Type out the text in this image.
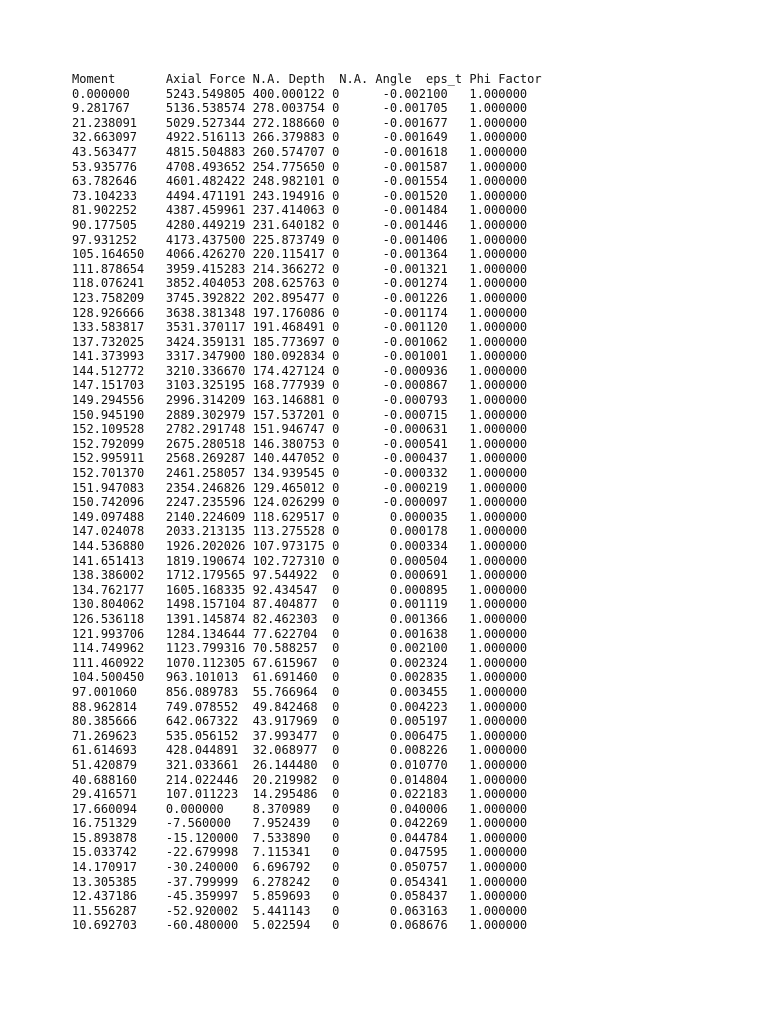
Moment       Axial Force N.A. Depth  N.A. Angle  eps_t Phi Factor
0.000000     5243.549805 400.000122 0      -0.002100   1.000000
9.281767     5136.538574 278.003754 0      -0.001705   1.000000
21.238091    5029.527344 272.188660 0      -0.001677   1.000000
32.663097    4922.516113 266.379883 0      -0.001649   1.000000
43.563477    4815.504883 260.574707 0      -0.001618   1.000000
53.935776    4708.493652 254.775650 0      -0.001587   1.000000
63.782646    4601.482422 248.982101 0      -0.001554   1.000000
73.104233    4494.471191 243.194916 0      -0.001520   1.000000
81.902252    4387.459961 237.414063 0      -0.001484   1.000000
90.177505    4280.449219 231.640182 0      -0.001446   1.000000
97.931252    4173.437500 225.873749 0      -0.001406   1.000000
105.164650   4066.426270 220.115417 0      -0.001364   1.000000
111.878654   3959.415283 214.366272 0      -0.001321   1.000000
118.076241   3852.404053 208.625763 0      -0.001274   1.000000
123.758209   3745.392822 202.895477 0      -0.001226   1.000000
128.926666   3638.381348 197.176086 0      -0.001174   1.000000
133.583817   3531.370117 191.468491 0      -0.001120   1.000000
137.732025   3424.359131 185.773697 0      -0.001062   1.000000
141.373993   3317.347900 180.092834 0      -0.001001   1.000000
144.512772   3210.336670 174.427124 0      -0.000936   1.000000
147.151703   3103.325195 168.777939 0      -0.000867   1.000000
149.294556   2996.314209 163.146881 0      -0.000793   1.000000
150.945190   2889.302979 157.537201 0      -0.000715   1.000000
152.109528   2782.291748 151.946747 0      -0.000631   1.000000
152.792099   2675.280518 146.380753 0      -0.000541   1.000000
152.995911   2568.269287 140.447052 0      -0.000437   1.000000
152.701370   2461.258057 134.939545 0      -0.000332   1.000000
151.947083   2354.246826 129.465012 0      -0.000219   1.000000
150.742096   2247.235596 124.026299 0      -0.000097   1.000000
149.097488   2140.224609 118.629517 0       0.000035   1.000000
147.024078   2033.213135 113.275528 0       0.000178   1.000000
144.536880   1926.202026 107.973175 0       0.000334   1.000000
141.651413   1819.190674 102.727310 0       0.000504   1.000000
138.386002   1712.179565 97.544922  0       0.000691   1.000000
134.762177   1605.168335 92.434547  0       0.000895   1.000000
130.804062   1498.157104 87.404877  0       0.001119   1.000000
126.536118   1391.145874 82.462303  0       0.001366   1.000000
121.993706   1284.134644 77.622704  0       0.001638   1.000000
114.749962   1123.799316 70.588257  0       0.002100   1.000000
111.460922   1070.112305 67.615967  0       0.002324   1.000000
104.500450   963.101013  61.691460  0       0.002835   1.000000
97.001060    856.089783  55.766964  0       0.003455   1.000000
88.962814    749.078552  49.842468  0       0.004223   1.000000
80.385666    642.067322  43.917969  0       0.005197   1.000000
71.269623    535.056152  37.993477  0       0.006475   1.000000
61.614693    428.044891  32.068977  0       0.008226   1.000000
51.420879    321.033661  26.144480  0       0.010770   1.000000
40.688160    214.022446  20.219982  0       0.014804   1.000000
29.416571    107.011223  14.295486  0       0.022183   1.000000
17.660094    0.000000    8.370989   0       0.040006   1.000000
16.751329    -7.560000   7.952439   0       0.042269   1.000000
15.893878    -15.120000  7.533890   0       0.044784   1.000000
15.033742    -22.679998  7.115341   0       0.047595   1.000000
14.170917    -30.240000  6.696792   0       0.050757   1.000000
13.305385    -37.799999  6.278242   0       0.054341   1.000000
12.437186    -45.359997  5.859693   0       0.058437   1.000000
11.556287    -52.920002  5.441143   0       0.063163   1.000000
10.692703    -60.480000  5.022594   0       0.068676   1.000000
